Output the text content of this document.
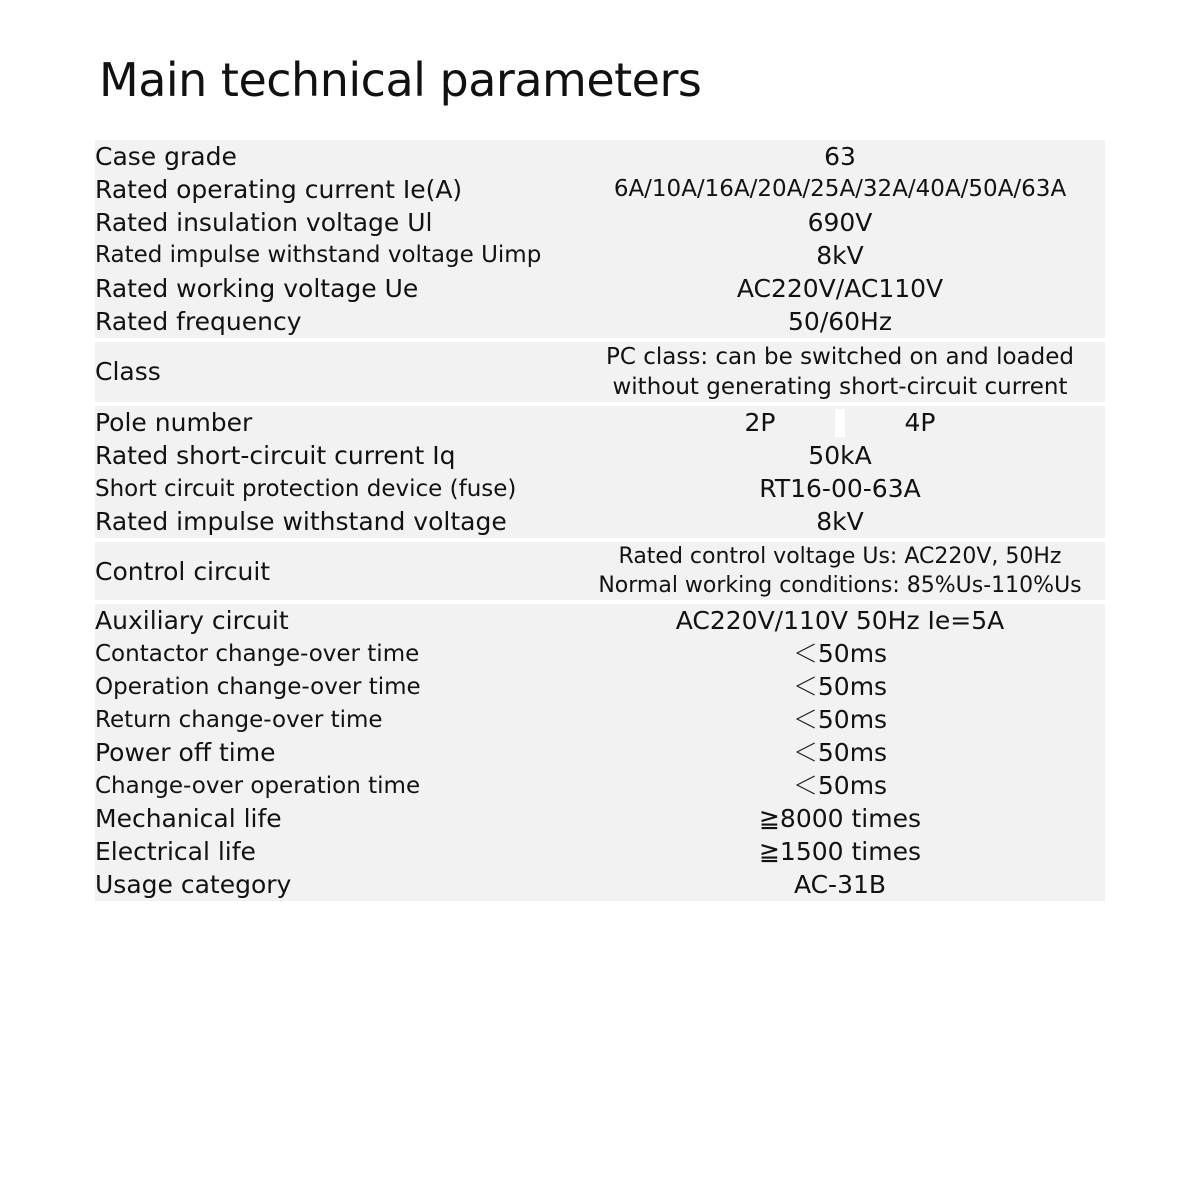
Main technical parameters
Case grade	63
Rated operating current Ie(A)	6A/10A/16A/20A/25A/32A/40A/50A/63A
Rated insulation voltage Ul	690V
Rated impulse withstand voltage Uimp	8kV
Rated working voltage Ue	AC220V/AC110V
Rated frequency	50/60Hz

Class	PC class: can be switched on and loaded
without generating short-circuit current

Pole number	2P 4P

Rated short-circuit current Iq	50kA
Short circuit protection device (fuse)	RT16-00-63A
Rated impulse withstand voltage	8kV

Control circuit	Rated control voltage Us: AC220V, 50Hz
Normal working conditions: 85%Us-110%Us

Auxiliary circuit	AC220V/110V 50Hz Ie=5A
Contactor change-over time	＜50ms
Operation change-over time	＜50ms
Return change-over time	＜50ms
Power off time	＜50ms
Change-over operation time	＜50ms
Mechanical life	≧8000 times
Electrical life	≧1500 times
Usage category	AC-31B
